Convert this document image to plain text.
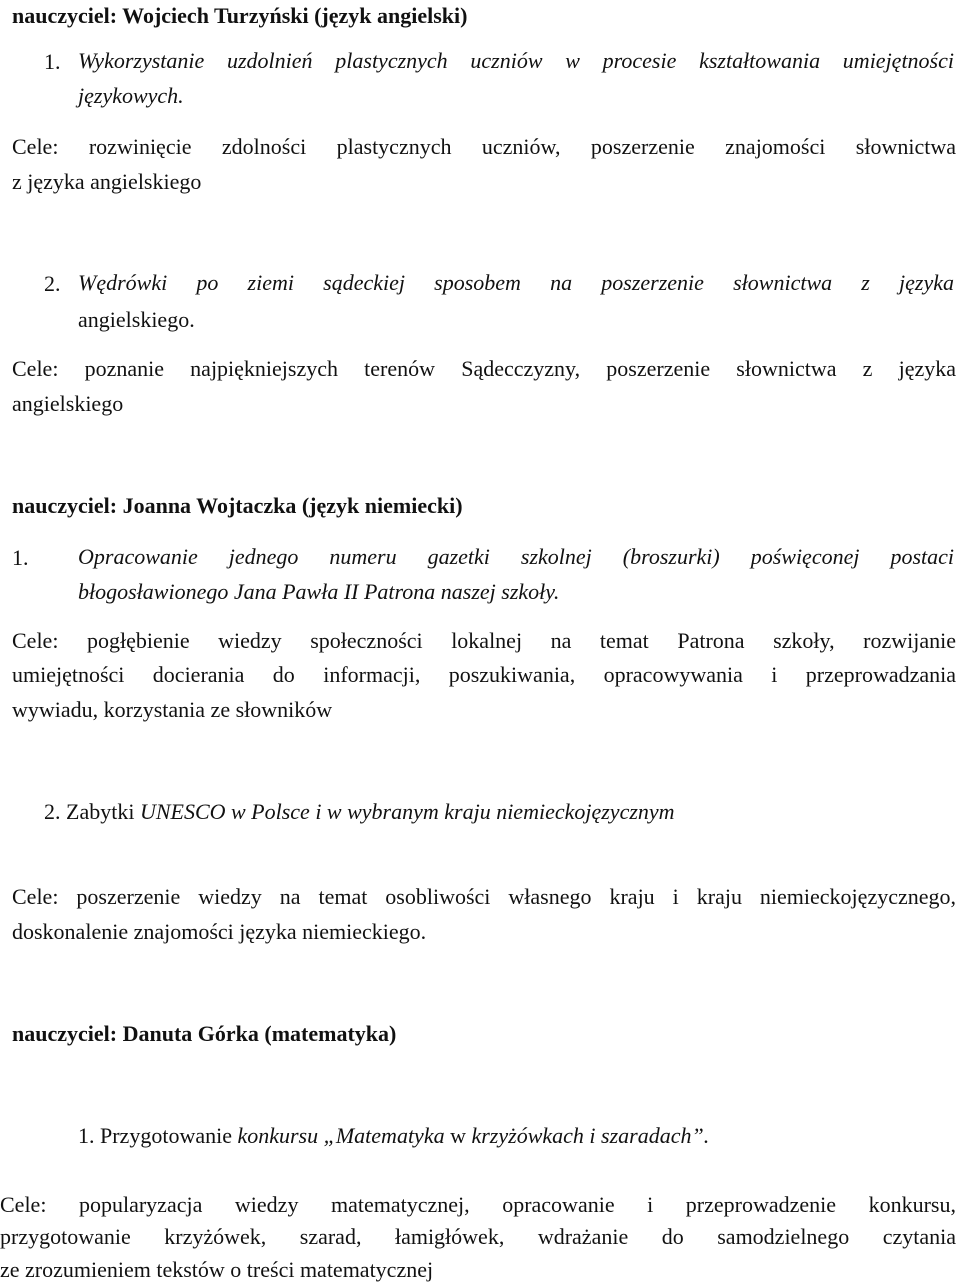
nauczyciel: Wojciech Turzyński (język angielski)
1. Wykorzystanie uzdolnień plastycznych uczniów w procesie kształtowania umiejętności
językowych.
Cele: rozwinięcie zdolności plastycznych uczniów, poszerzenie znajomości słownictwa
z języka angielskiego
2. Wędrówki po ziemi sądeckiej sposobem na poszerzenie słownictwa z języka
angielskiego.
Cele: poznanie najpiękniejszych terenów Sądecczyzny, poszerzenie słownictwa z języka
angielskiego
nauczyciel: Joanna Wojtaczka (język niemiecki)
1. Opracowanie jednego numeru gazetki szkolnej (broszurki) poświęconej postaci
błogosławionego Jana Pawła II Patrona naszej szkoły.
Cele: pogłębienie wiedzy społeczności lokalnej na temat Patrona szkoły, rozwijanie
umiejętności docierania do informacji, poszukiwania, opracowywania i przeprowadzania
wywiadu, korzystania ze słowników
2. Zabytki UNESCO w Polsce i w wybranym kraju niemieckojęzycznym
Cele: poszerzenie wiedzy na temat osobliwości własnego kraju i kraju niemieckojęzycznego,
doskonalenie znajomości języka niemieckiego.
nauczyciel: Danuta Górka (matematyka)
1. Przygotowanie konkursu „Matematyka w krzyżówkach i szaradach”.
Cele: popularyzacja wiedzy matematycznej, opracowanie i przeprowadzenie konkursu,
przygotowanie krzyżówek, szarad, łamigłówek, wdrażanie do samodzielnego czytania
ze zrozumieniem tekstów o treści matematycznej
